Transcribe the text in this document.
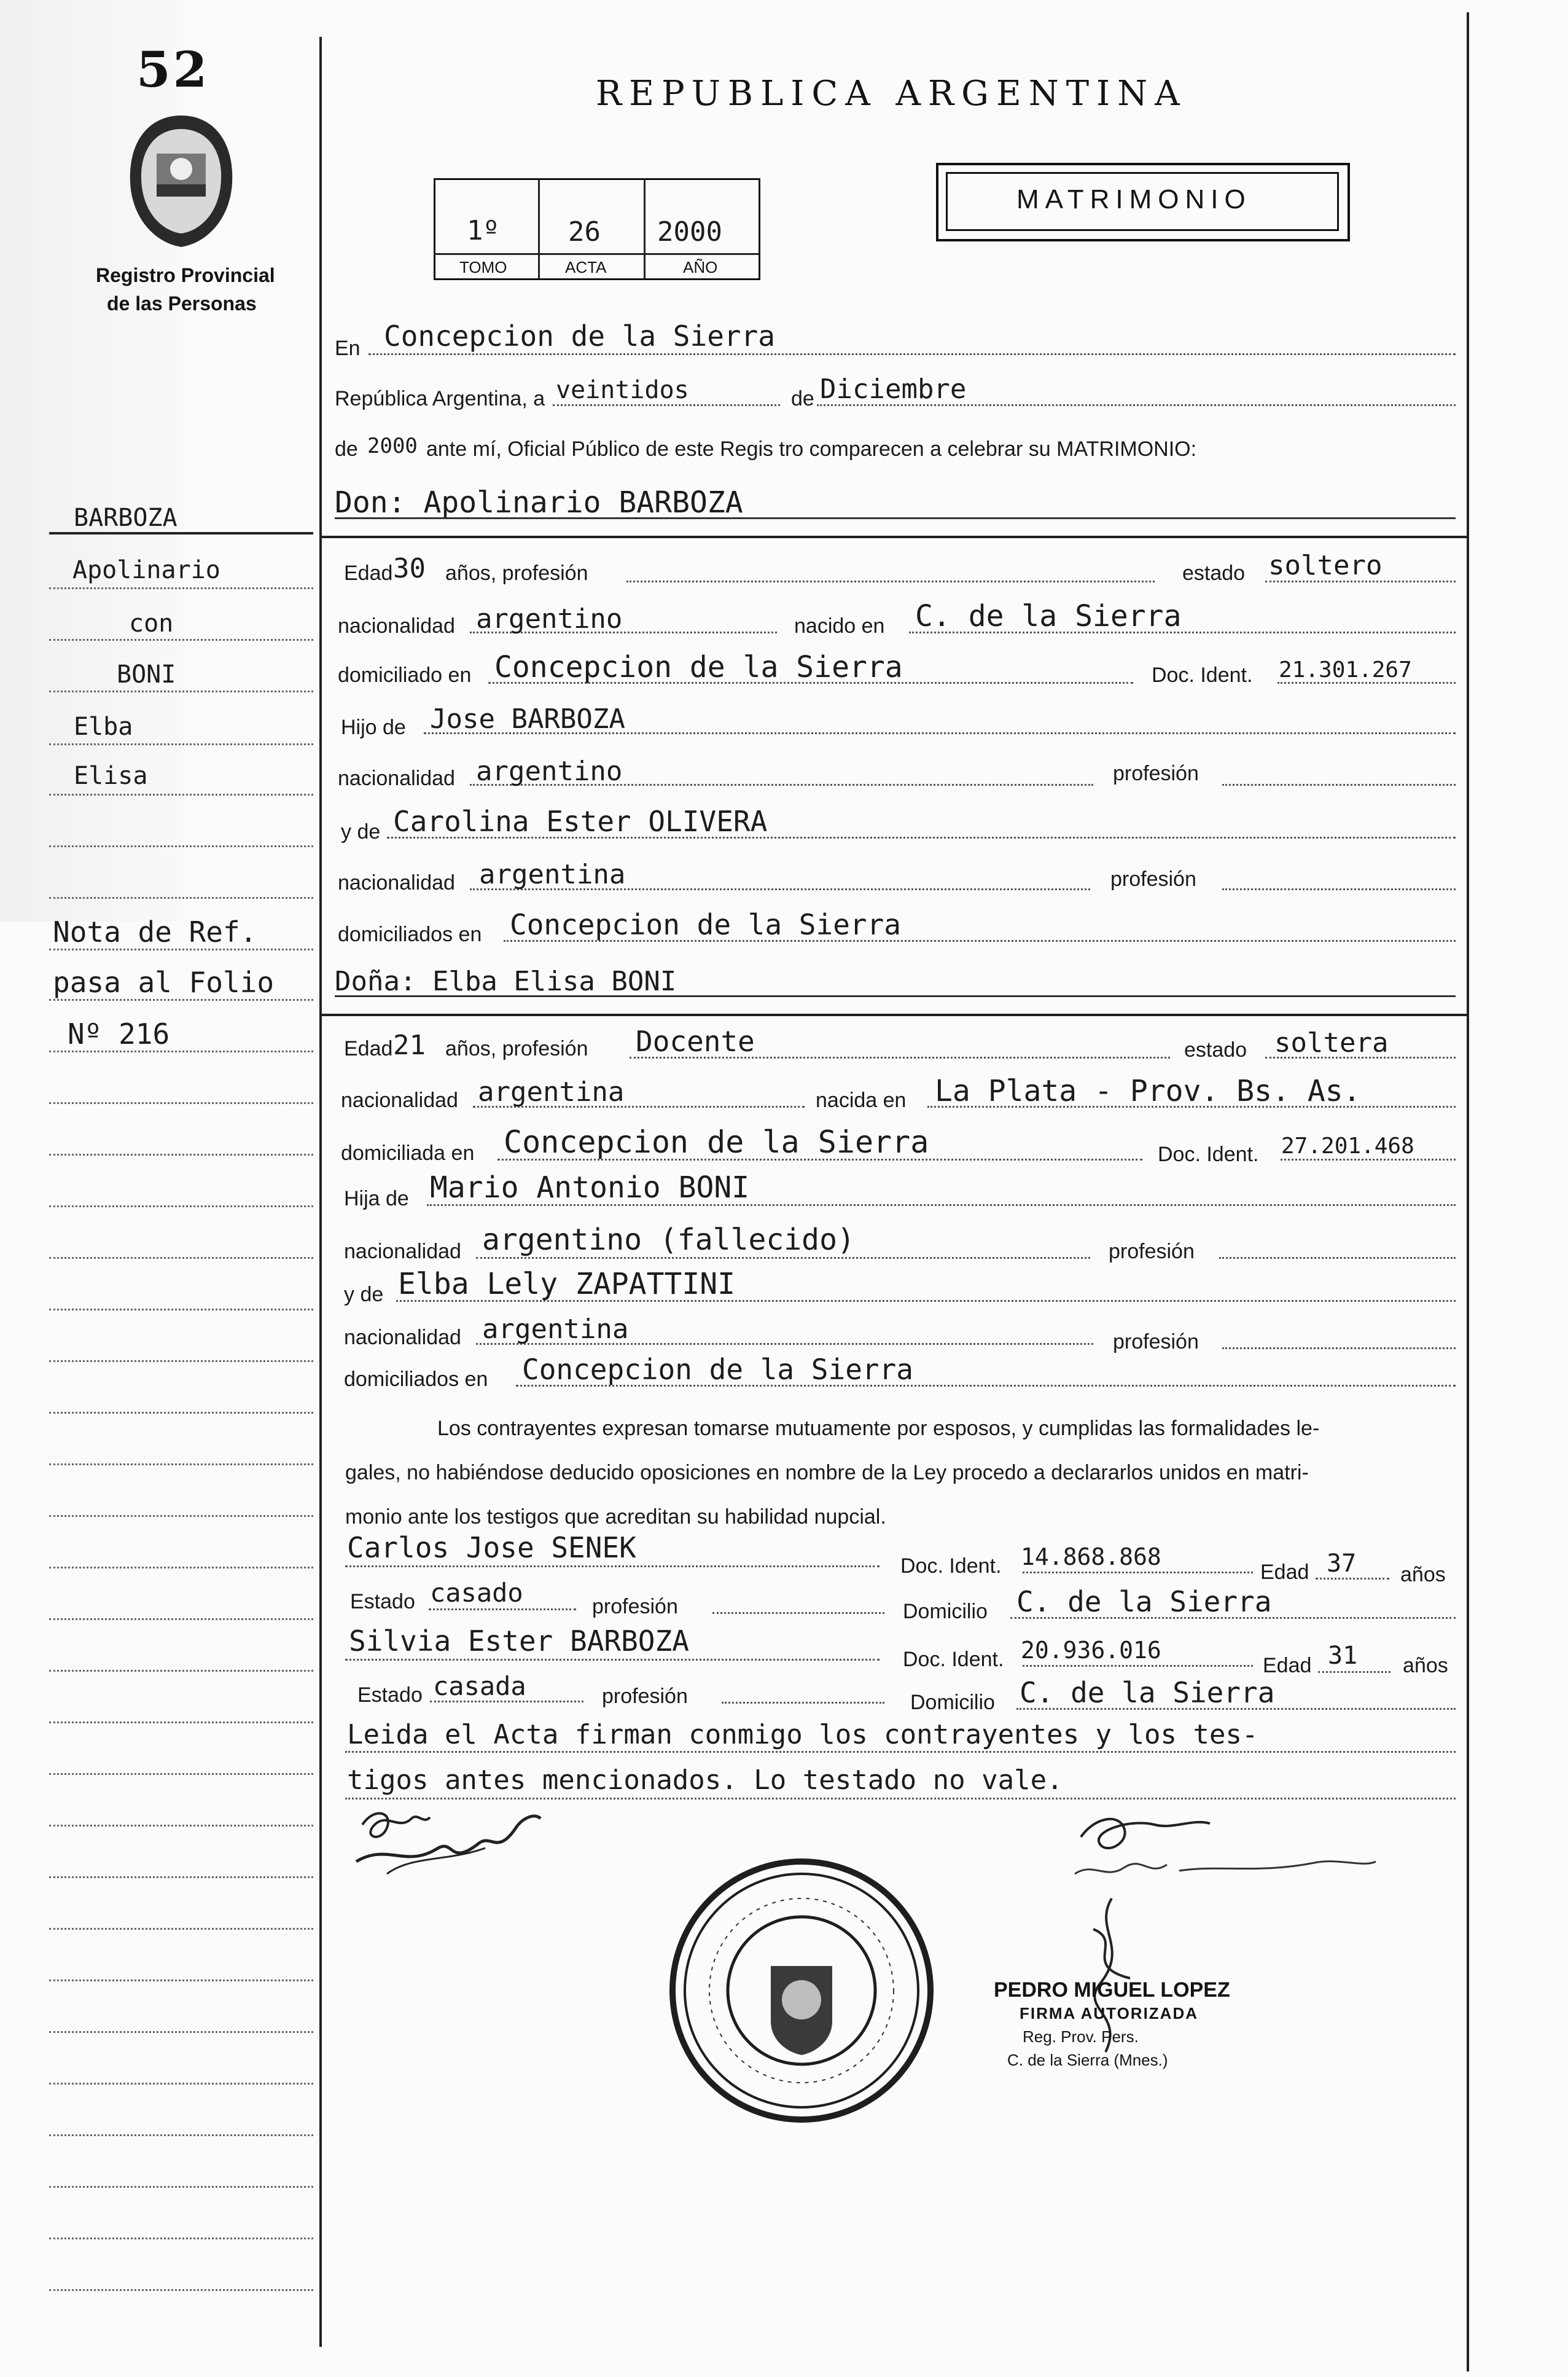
52
Registro Provincial
de las Personas
REPUBLICA ARGENTINA
MATRIMONIO
1º	26 2000
TOMO	ACTA	AÑO
BARBOZA
Apolinario
con
BONI
Elba
Elisa
Nota de Ref.
pasa al Folio
Nº 216
En Concepcion de la Sierra
República Argentina, a veintidos	de Diciembre
de 2000 ante mí, Oficial Público de este Regis tro comparecen a celebrar su MATRIMONIO:
Don: Apolinario BARBOZA
Edad 30 años, profesión	estado soltero
nacionalidad argentino	nacido en C. de la Sierra
domiciliado en Concepcion de la Sierra	Doc. Ident. 21.301.267
Hijo de Jose BARBOZA
nacionalidad argentino	profesión
y de Carolina Ester OLIVERA
nacionalidad argentina	profesión
domiciliados en Concepcion de la Sierra
Doña: Elba Elisa BONI
Edad 21 años, profesión Docente	estado soltera
nacionalidad argentina	nacida en La Plata - Prov. Bs. As.
domiciliada en Concepcion de la Sierra	Doc. Ident. 27.201.468
Hija de Mario Antonio BONI
nacionalidad argentino (fallecido)	profesión
y de Elba Lely ZAPATTINI
nacionalidad argentina	profesión
domiciliados en Concepcion de la Sierra
Los contrayentes expresan tomarse mutuamente por esposos, y cumplidas las formalidades le-
gales, no habiéndose deducido oposiciones en nombre de la Ley procedo a declararlos unidos en matri-
monio ante los testigos que acreditan su habilidad nupcial.
Carlos Jose SENEK
Doc. Ident. 14.868.868
Edad 37 años
Estado casado	profesión	Domicilio C. de la Sierra
Silvia Ester BARBOZA
Doc. Ident. 20.936.016
Edad 31 años
Estado casada	profesión	Domicilio C. de la Sierra
Leida el Acta firman conmigo los contrayentes y los tes-
tigos antes mencionados. Lo testado no vale.
PEDRO MIGUEL LOPEZ
FIRMA AUTORIZADA
Reg. Prov. Pers.
C. de la Sierra (Mnes.)
